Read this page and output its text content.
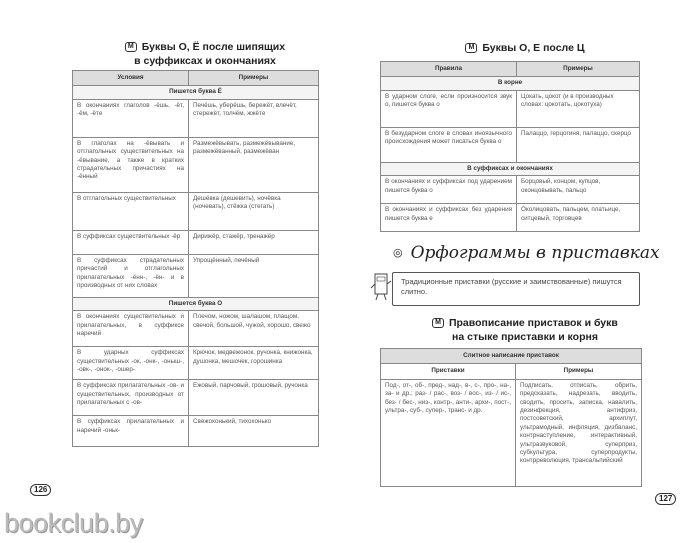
M Буквы О, Ё после шипящих
в суффиксах и окончаниях
Условия	Примеры
Пишется буква Ё	
В окончаниях глаголов -ёшь, -ёт, -ём, -ёте	Печёшь, уберёшь, бережёт, влечёт, стережёт, толчём, жжёте
В глаголах на -ёвывать и отглагольных существительных на -ёвывание, а также в кратких страдательных причастиях на -ённый	Размежёвывать, размежёвывание, размежёванный, размежёван
В отглагольных существительных	Дешёвка (дешевить), ночёвка (ночевать), стёжка (стегать)
В суффиксах существительных -ёр	Дирижёр, стажёр, тренажёр
В суффиксах страдательных причастий и отглагольных прилагательных -ённ-, -ён- и в производных от них словах	Упрощённый, печёный
Пишется буква О	
В окончаниях существительных и прилагательных, в суффиксе наречий	Плечом, ножом, шалашом, плащом, свечой, большой, чужой, хорошо, свежо
В ударных суффиксах существительных -ок, -онк-, -оныш-, -овк-, -онок-, -ошер-	Крючок, медвежонок, ручонка, книжонка, душонка, мешочек, горошинка
В суффиксах прилагательных -ов- и существительных, производных от прилагательных с -ов-	Ежовый, парчовый, грошовый, ручонка
В суффиксах прилагательных и наречий -оньк-	Свежохонький, тихохонько
126
M Буквы О, Е после Ц
Правила	Примеры
В корне	
В ударном слоге, если произносится звук о, пишется буква о	Цокать, цокот (и в производных словах: цокотать, цокотуха)
В безударном слоге в словах иноязычного происхождения может писаться буква о	Палаццо, герцогиня, палаццо, скерцо
В суффиксах и окончаниях	
В окончаниях и суффиксах под ударением пишется буква о	Борцовый, концом, купцов, оконцовывать, пальцо
В окончаниях и суффиксах без ударения пишется буква е	Околицовать, пальцем, платьице, ситцевый, торговцев
◎ Орфограммы в приставках
Традиционные приставки (русские и заимствованные) пишутся слитно.
M Правописание приставок и букв
на стыке приставки и корня
Слитное написание приставок	
Приставки	Примеры
Под-, от-, об-, пред-, над-, в-, с-, про-, на-, за- и др.; раз- / рас-, воз- / вос-, из- / ис-, без- / бес-, низ-, контр-, анти-, архи-, пост-, ультра-, суб-, супер-, транс- и др.	Подписать, отписать, обрить, предсказать, надрезать, вводить, сводить, просить, записка, навалить, дезинфекция, антифриз, постсоветский, архиплут, ультрамодный, инфляция, дизбаланс, контрнаступление, интерактивный, ультразвуковой, суперприз, субкультура, суперпродукты, контрреволюция, трансальпийский
127
bookclub.by
